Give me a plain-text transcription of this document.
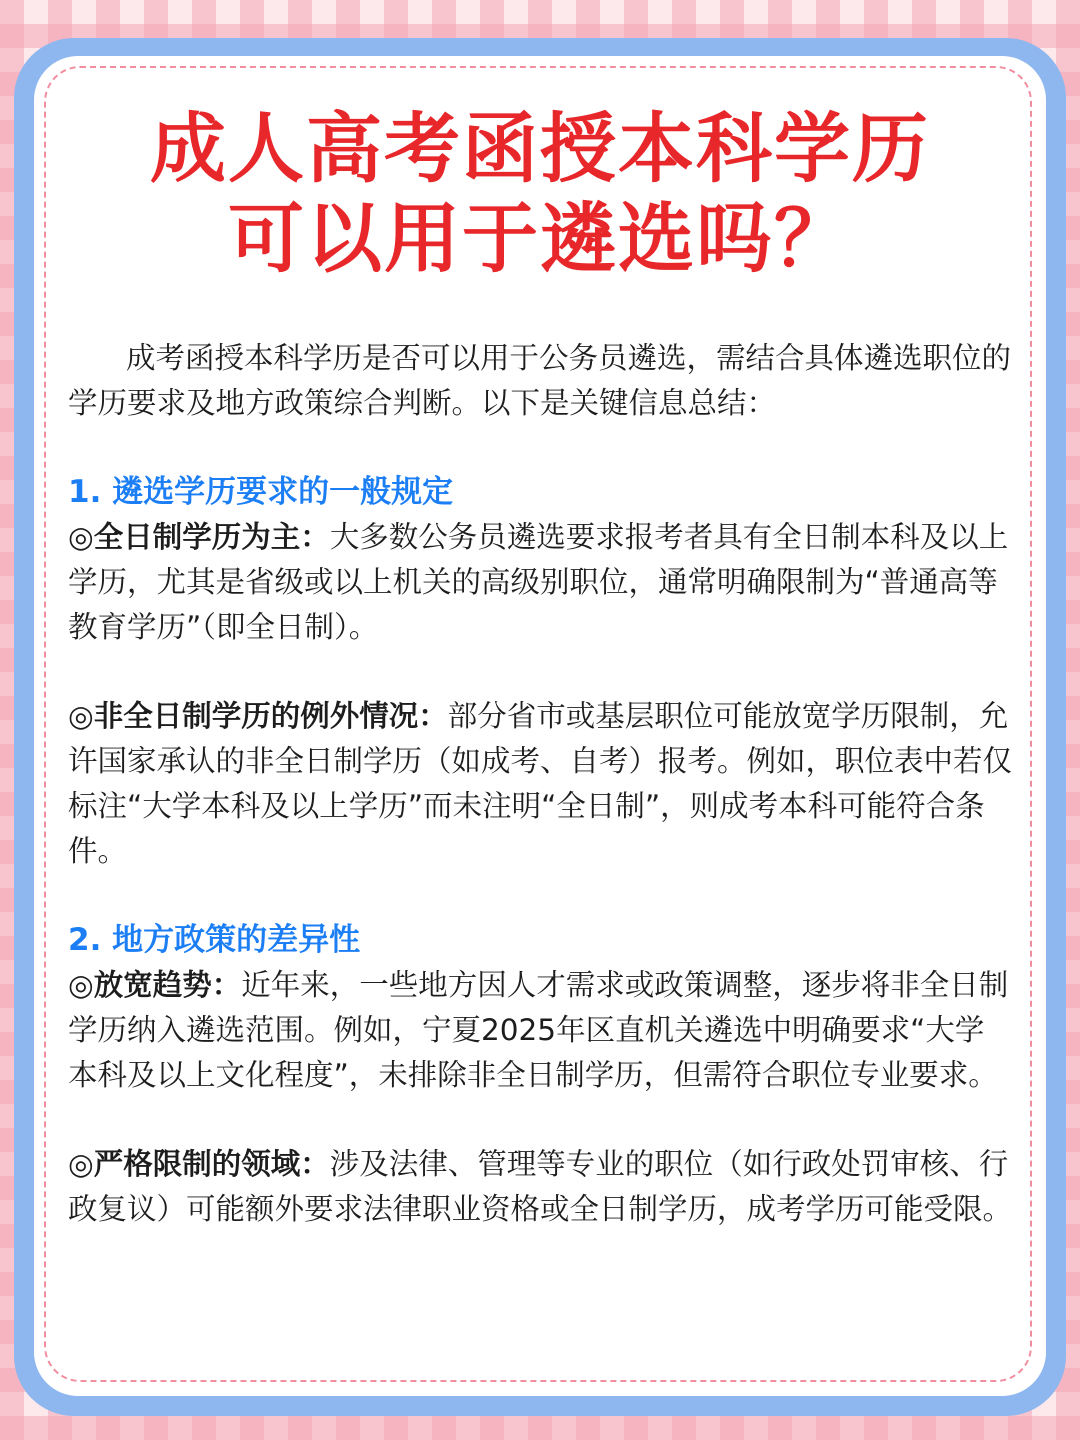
成人高考函授本科学历
可以用于遴选吗？

成考函授本科学历是否可以用于公务员遴选，需结合具体遴选职位的学历要求及地方政策综合判断。以下是关键信息总结：

1. 遴选学历要求的一般规定

◎全日制学历为主：大多数公务员遴选要求报考者具有全日制本科及以上学历，尤其是省级或以上机关的高级别职位，通常明确限制为“普通高等教育学历”（即全日制）。

◎非全日制学历的例外情况：部分省市或基层职位可能放宽学历限制，允许国家承认的非全日制学历（如成考、自考）报考。例如，职位表中若仅标注“大学本科及以上学历”而未注明“全日制”，则成考本科可能符合条件。

2. 地方政策的差异性

◎放宽趋势：近年来，一些地方因人才需求或政策调整，逐步将非全日制学历纳入遴选范围。例如，宁夏2025年区直机关遴选中明确要求“大学本科及以上文化程度”，未排除非全日制学历，但需符合职位专业要求。

◎严格限制的领域：涉及法律、管理等专业的职位（如行政处罚审核、行政复议）可能额外要求法律职业资格或全日制学历，成考学历可能受限。
